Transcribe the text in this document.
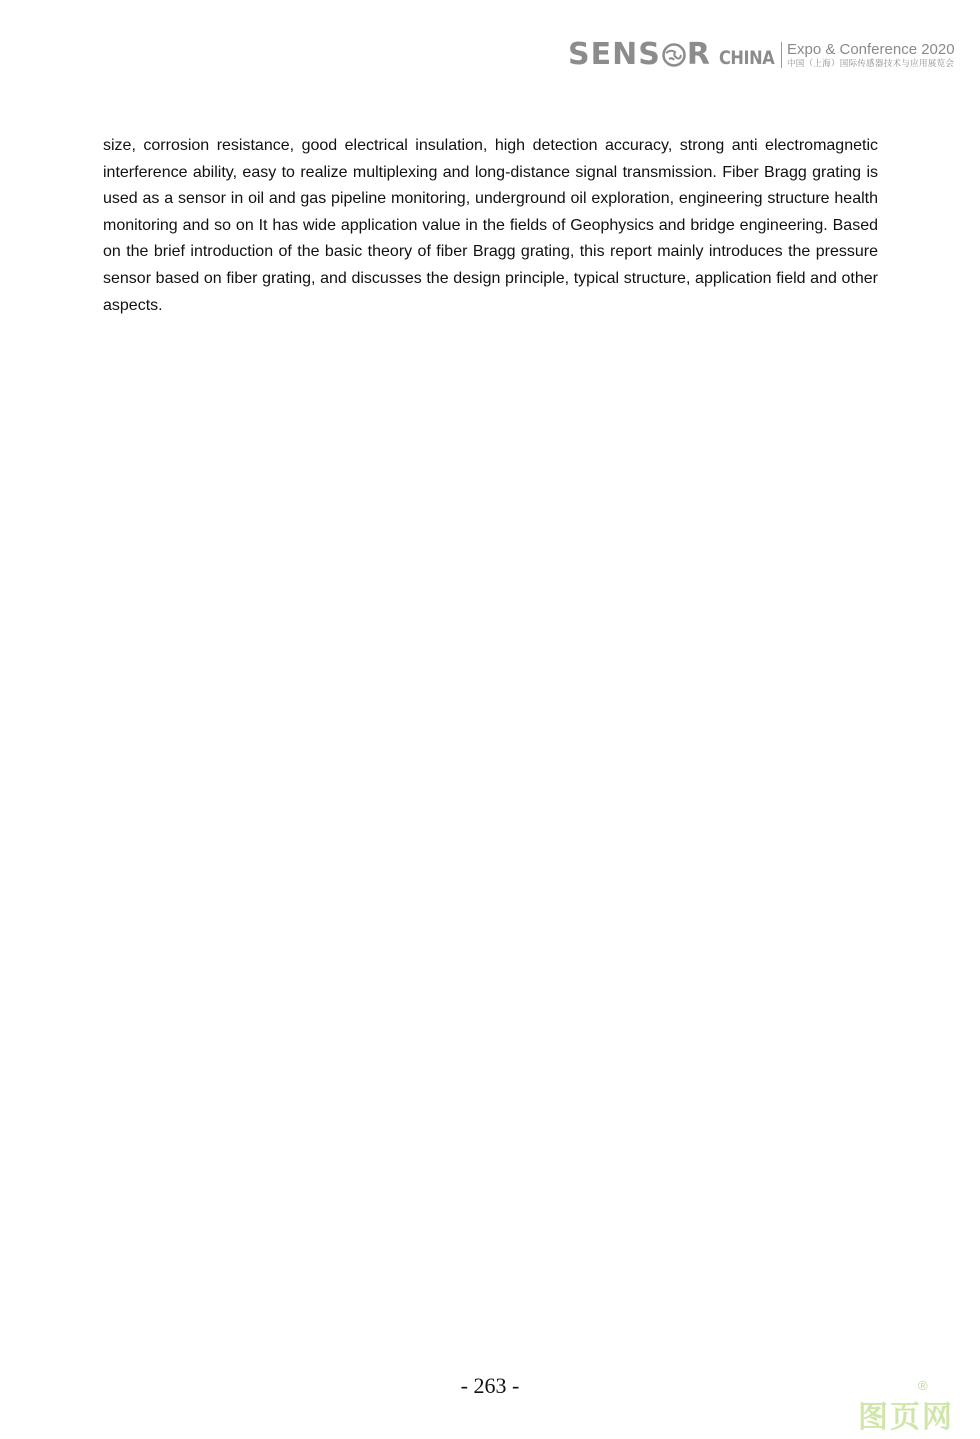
SENS R CHINA Expo & Conference 2020
中国（上海）国际传感器技术与应用展览会

size, corrosion resistance, good electrical insulation, high detection accuracy, strong anti electromagnetic interference ability, easy to realize multiplexing and long-distance signal transmission. Fiber Bragg grating is used as a sensor in oil and gas pipeline monitoring, underground oil exploration, engineering structure health monitoring and so on It has wide application value in the fields of Geophysics and bridge engineering. Based on the brief introduction of the basic theory of fiber Bragg grating, this report mainly introduces the pressure sensor based on fiber grating, and discusses the design principle, typical structure, application field and other aspects.

- 263 -
图页网
®
